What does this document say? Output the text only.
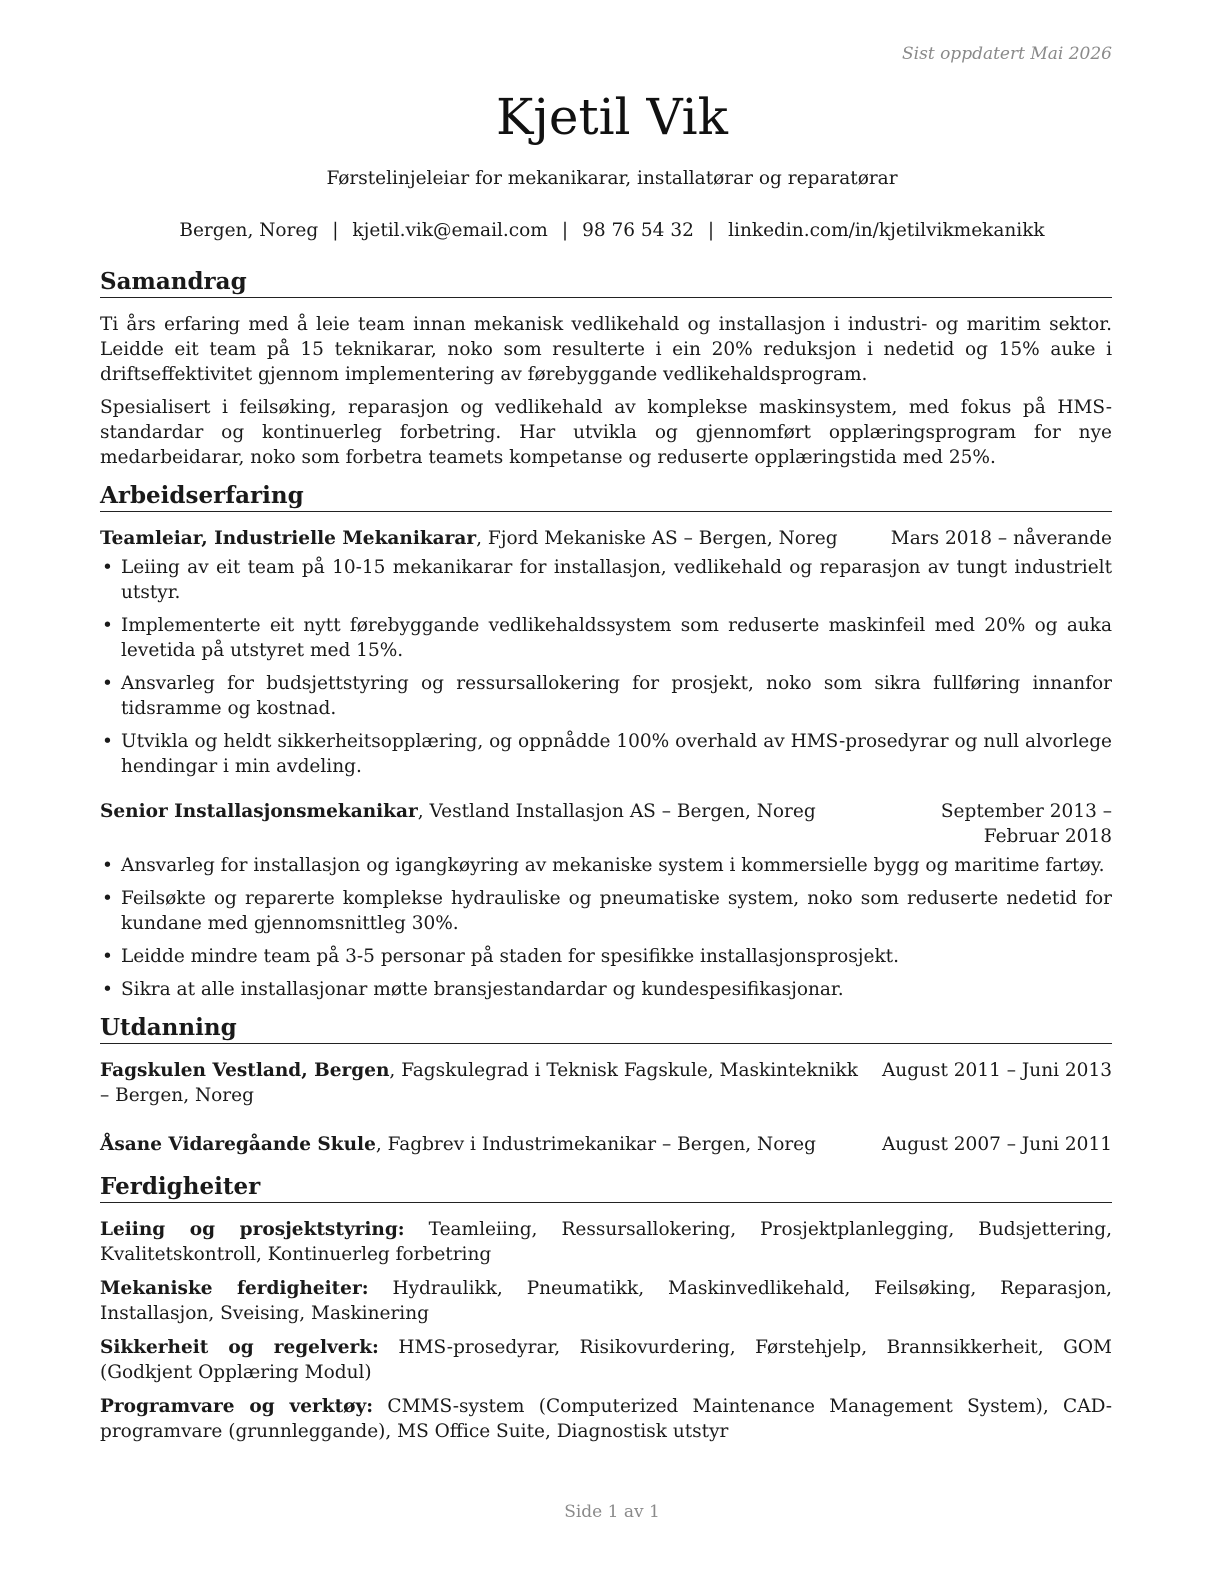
Sist oppdatert Mai 2026
Kjetil Vik
Førstelinjeleiar for mekanikarar, installatørar og reparatørar
Bergen, Noreg | kjetil.vik@email.com | 98 76 54 32 | linkedin.com/in/kjetilvikmekanikk
Samandrag

Ti års erfaring med å leie team innan mekanisk vedlikehald og installasjon i industri- og maritim sektor. Leidde eit team på 15 teknikarar, noko som resulterte i ein 20% reduksjon i nedetid og 15% auke i driftseffektivitet gjennom implementering av førebyggande vedlikehaldsprogram.

Spesialisert i feilsøking, reparasjon og vedlikehald av komplekse maskinsystem, med fokus på HMS-standardar og kontinuerleg forbetring. Har utvikla og gjennomført opplæringsprogram for nye medarbeidarar, noko som forbetra teamets kompetanse og reduserte opplæringstida med 25%.

Arbeidserfaring
Teamleiar, Industrielle Mekanikarar, Fjord Mekaniske AS – Bergen, Noreg	Mars 2018 – nåverande
• Leiing av eit team på 10-15 mekanikarar for installasjon, vedlikehald og reparasjon av tungt industrielt utstyr.
• Implementerte eit nytt førebyggande vedlikehaldssystem som reduserte maskinfeil med 20% og auka levetida på utstyret med 15%.
• Ansvarleg for budsjettstyring og ressursallokering for prosjekt, noko som sikra fullføring innanfor tidsramme og kostnad.
• Utvikla og heldt sikkerheitsopplæring, og oppnådde 100% overhald av HMS-prosedyrar og null alvorlege hendingar i min avdeling.
Senior Installasjonsmekanikar, Vestland Installasjon AS – Bergen, Noreg	September 2013 – Februar 2018
• Ansvarleg for installasjon og igangkøyring av mekaniske system i kommersielle bygg og maritime fartøy.
• Feilsøkte og reparerte komplekse hydrauliske og pneumatiske system, noko som reduserte nedetid for kundane med gjennomsnittleg 30%.
• Leidde mindre team på 3-5 personar på staden for spesifikke installasjonsprosjekt.
• Sikra at alle installasjonar møtte bransjestandardar og kundespesifikasjonar.
Utdanning
Fagskulen Vestland, Bergen, Fagskulegrad i Teknisk Fagskule, Maskinteknikk – Bergen, Noreg
August 2011 – Juni 2013
Åsane Vidaregåande Skule, Fagbrev i Industrimekanikar – Bergen, Noreg	August 2007 – Juni 2011
Ferdigheiter
Leiing og prosjektstyring: Teamleiing, Ressursallokering, Prosjektplanlegging, Budsjettering, Kvalitetskontroll, Kontinuerleg forbetring
Mekaniske ferdigheiter: Hydraulikk, Pneumatikk, Maskinvedlikehald, Feilsøking, Reparasjon, Installasjon, Sveising, Maskinering
Sikkerheit og regelverk: HMS-prosedyrar, Risikovurdering, Førstehjelp, Brannsikkerheit, GOM (Godkjent Opplæring Modul)
Programvare og verktøy: CMMS-system (Computerized Maintenance Management System), CAD-programvare (grunnleggande), MS Office Suite, Diagnostisk utstyr
Side 1 av 1
